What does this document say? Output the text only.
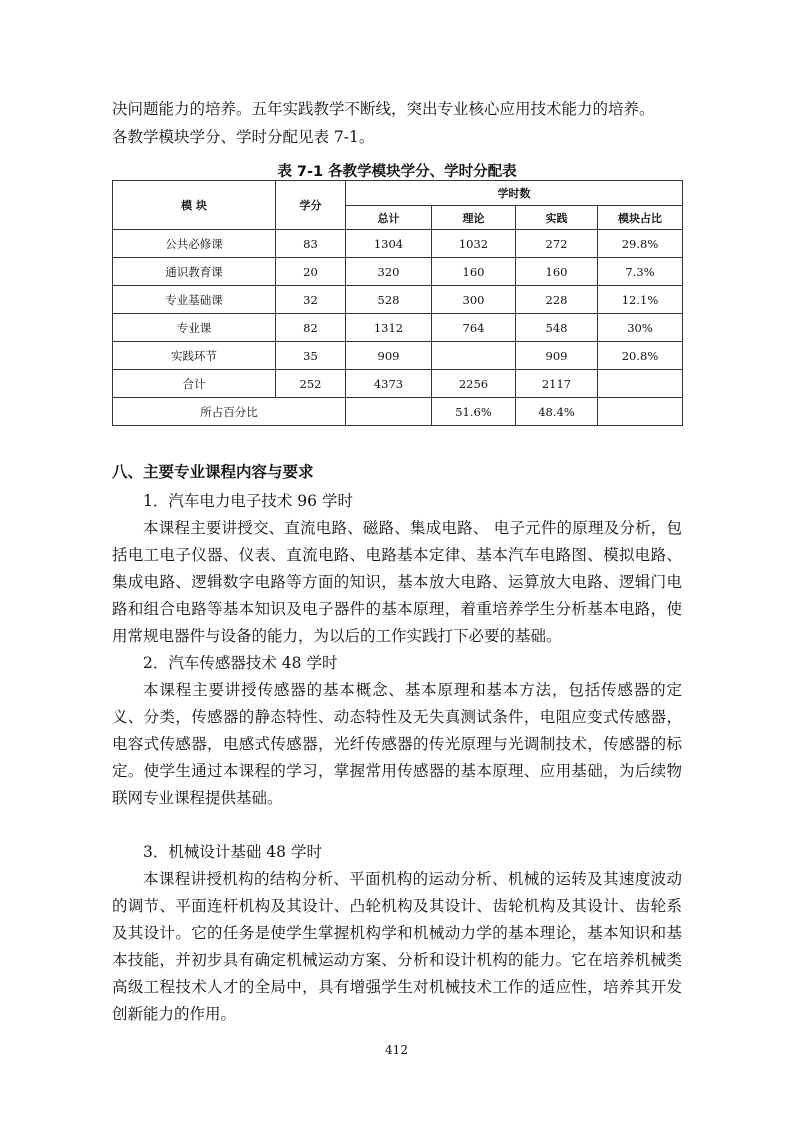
决问题能力的培养。五年实践教学不断线，突出专业核心应用技术能力的培养。

各教学模块学分、学时分配见表 7-1。

表 7-1 各教学模块学分、学时分配表
模 块	学分	学时数			
		总计	理论	实践	模块占比
公共必修课	83	1304	1032	272	29.8%
通识教育课	20	320	160	160	7.3%
专业基础课	32	528	300	228	12.1%
专业课	82	1312	764	548	30%
实践环节	35	909		909	20.8%
合计	252	4373	2256	2117	
所占百分比			51.6%	48.4%	
八、主要专业课程内容与要求

1．汽车电力电子技术 96 学时

本课程主要讲授交、直流电路、磁路、集成电路、 电子元件的原理及分析，包括电工电子仪器、仪表、直流电路、电路基本定律、基本汽车电路图、模拟电路、集成电路、逻辑数字电路等方面的知识，基本放大电路、运算放大电路、逻辑门电路和组合电路等基本知识及电子器件的基本原理，着重培养学生分析基本电路，使用常规电器件与设备的能力，为以后的工作实践打下必要的基础。

2．汽车传感器技术 48 学时

本课程主要讲授传感器的基本概念、基本原理和基本方法，包括传感器的定义、分类，传感器的静态特性、动态特性及无失真测试条件，电阻应变式传感器，电容式传感器，电感式传感器，光纤传感器的传光原理与光调制技术，传感器的标定。使学生通过本课程的学习，掌握常用传感器的基本原理、应用基础，为后续物联网专业课程提供基础。

3．机械设计基础 48 学时

本课程讲授机构的结构分析、平面机构的运动分析、机械的运转及其速度波动的调节、平面连杆机构及其设计、凸轮机构及其设计、齿轮机构及其设计、齿轮系及其设计。它的任务是使学生掌握机构学和机械动力学的基本理论，基本知识和基本技能，并初步具有确定机械运动方案、分析和设计机构的能力。它在培养机械类高级工程技术人才的全局中，具有增强学生对机械技术工作的适应性，培养其开发创新能力的作用。

412
